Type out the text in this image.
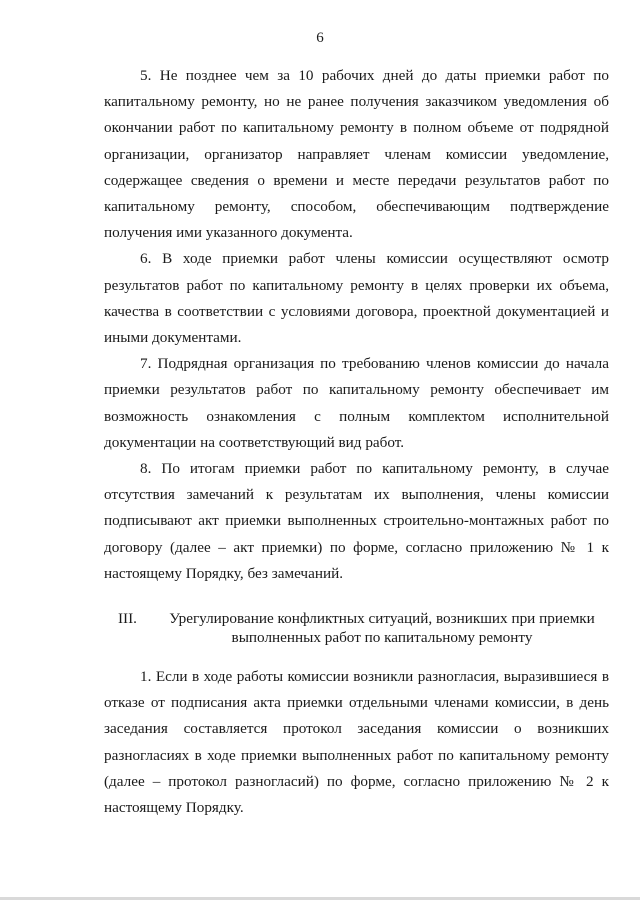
6

5. Не позднее чем за 10 рабочих дней до даты приемки работ по капитальному ремонту, но не ранее получения заказчиком уведомления об окончании работ по капитальному ремонту в полном объеме от подрядной организации, организатор направляет членам комиссии уведомление, содержащее сведения о времени и месте передачи результатов работ по капитальному ремонту, способом, обеспечивающим подтверждение получения ими указанного документа.

6. В ходе приемки работ члены комиссии осуществляют осмотр результатов работ по капитальному ремонту в целях проверки их объема, качества в соответствии с условиями договора, проектной документацией и иными документами.

7. Подрядная организация по требованию членов комиссии до начала приемки результатов работ по капитальному ремонту обеспечивает им возможность ознакомления с полным комплектом исполнительной документации на соответствующий вид работ.

8. По итогам приемки работ по капитальному ремонту, в случае отсутствия замечаний к результатам их выполнения, члены комиссии подписывают акт приемки выполненных строительно-монтажных работ по договору (далее – акт приемки) по форме, согласно приложению № 1 к настоящему Порядку, без замечаний.

III.	Урегулирование конфликтных ситуаций, возникших при приемки
выполненных работ по капитальному ремонту

1. Если в ходе работы комиссии возникли разногласия, выразившиеся в отказе от подписания акта приемки отдельными членами комиссии, в день заседания составляется протокол заседания комиссии о возникших разногласиях в ходе приемки выполненных работ по капитальному ремонту (далее – протокол разногласий) по форме, согласно приложению № 2 к настоящему Порядку.
